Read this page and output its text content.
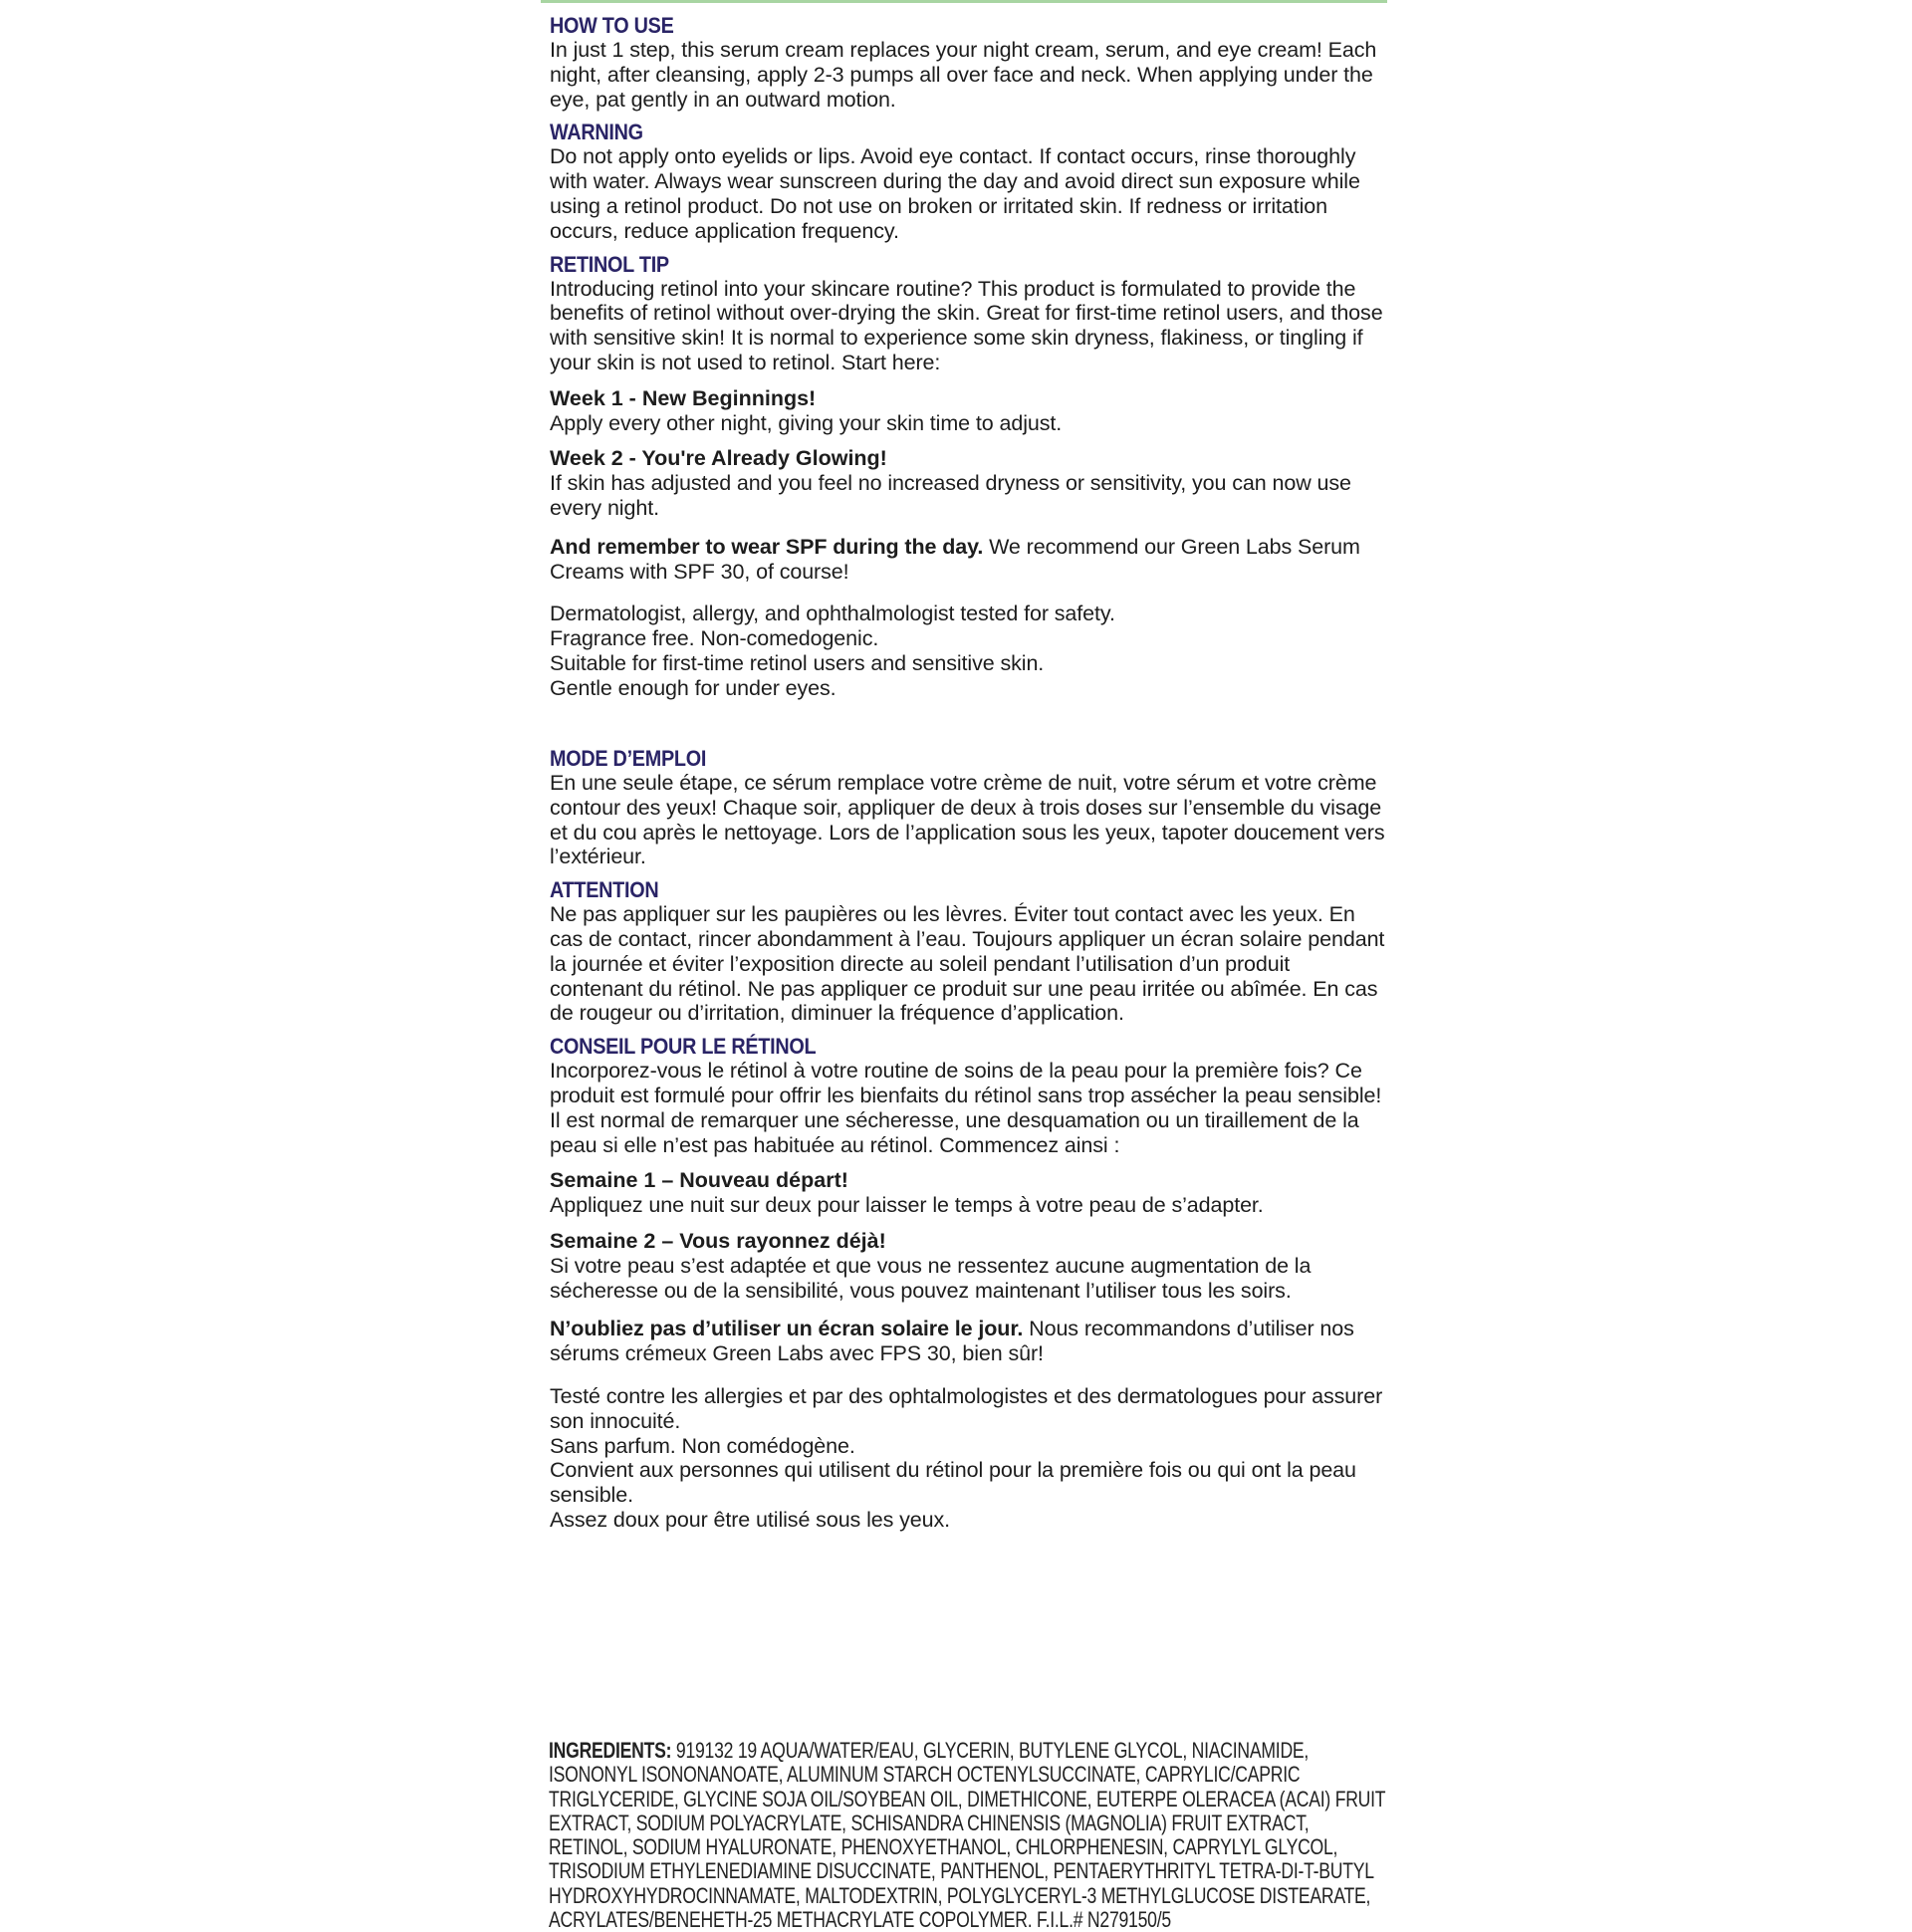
HOW TO USE

In just 1 step, this serum cream replaces your night cream, serum, and eye cream! Each night, after cleansing, apply 2-3 pumps all over face and neck. When applying under the eye, pat gently in an outward motion.

WARNING

Do not apply onto eyelids or lips. Avoid eye contact. If contact occurs, rinse thoroughly with water. Always wear sunscreen during the day and avoid direct sun exposure while using a retinol product. Do not use on broken or irritated skin. If redness or irritation occurs, reduce application frequency.

RETINOL TIP

Introducing retinol into your skincare routine? This product is formulated to provide the benefits of retinol without over-drying the skin. Great for first-time retinol users, and those with sensitive skin! It is normal to experience some skin dryness, flakiness, or tingling if your skin is not used to retinol. Start here:

Week 1 - New Beginnings!

Apply every other night, giving your skin time to adjust.

Week 2 - You're Already Glowing!

If skin has adjusted and you feel no increased dryness or sensitivity, you can now use every night.

And remember to wear SPF during the day. We recommend our Green Labs Serum Creams with SPF 30, of course!

Dermatologist, allergy, and ophthalmologist tested for safety.

Fragrance free. Non-comedogenic.

Suitable for first-time retinol users and sensitive skin.

Gentle enough for under eyes.

MODE D’EMPLOI

En une seule étape, ce sérum remplace votre crème de nuit, votre sérum et votre crème contour des yeux! Chaque soir, appliquer de deux à trois doses sur l’ensemble du visage et du cou après le nettoyage. Lors de l’application sous les yeux, tapoter doucement vers l’extérieur.

ATTENTION

Ne pas appliquer sur les paupières ou les lèvres. Éviter tout contact avec les yeux. En cas de contact, rincer abondamment à l’eau. Toujours appliquer un écran solaire pendant la journée et éviter l’exposition directe au soleil pendant l’utilisation d’un produit contenant du rétinol. Ne pas appliquer ce produit sur une peau irritée ou abîmée. En cas de rougeur ou d’irritation, diminuer la fréquence d’application.

CONSEIL POUR LE RÉTINOL

Incorporez-vous le rétinol à votre routine de soins de la peau pour la première fois? Ce produit est formulé pour offrir les bienfaits du rétinol sans trop assécher la peau sensible! Il est normal de remarquer une sécheresse, une desquamation ou un tiraillement de la peau si elle n’est pas habituée au rétinol. Commencez ainsi :

Semaine 1 – Nouveau départ!

Appliquez une nuit sur deux pour laisser le temps à votre peau de s’adapter.

Semaine 2 – Vous rayonnez déjà!

Si votre peau s’est adaptée et que vous ne ressentez aucune augmentation de la sécheresse ou de la sensibilité, vous pouvez maintenant l’utiliser tous les soirs.

N’oubliez pas d’utiliser un écran solaire le jour. Nous recommandons d’utiliser nos sérums crémeux Green Labs avec FPS 30, bien sûr!

Testé contre les allergies et par des ophtalmologistes et des dermatologues pour assurer son innocuité.

Sans parfum. Non comédogène.

Convient aux personnes qui utilisent du rétinol pour la première fois ou qui ont la peau sensible.

Assez doux pour être utilisé sous les yeux.

INGREDIENTS: 919132 19 AQUA/WATER/EAU, GLYCERIN, BUTYLENE GLYCOL, NIACINAMIDE, ISONONYL ISONONANOATE, ALUMINUM STARCH OCTENYLSUCCINATE, CAPRYLIC/CAPRIC TRIGLYCERIDE, GLYCINE SOJA OIL/SOYBEAN OIL, DIMETHICONE, EUTERPE OLERACEA (ACAI) FRUIT EXTRACT, SODIUM POLYACRYLATE, SCHISANDRA CHINENSIS (MAGNOLIA) FRUIT EXTRACT, RETINOL, SODIUM HYALURONATE, PHENOXYETHANOL, CHLORPHENESIN, CAPRYLYL GLYCOL, TRISODIUM ETHYLENEDIAMINE DISUCCINATE, PANTHENOL, PENTAERYTHRITYL TETRA-DI-T-BUTYL HYDROXYHYDROCINNAMATE, MALTODEXTRIN, POLYGLYCERYL-3 METHYLGLUCOSE DISTEARATE, ACRYLATES/BENEHETH-25 METHACRYLATE COPOLYMER. F.I.L.# N279150/5
